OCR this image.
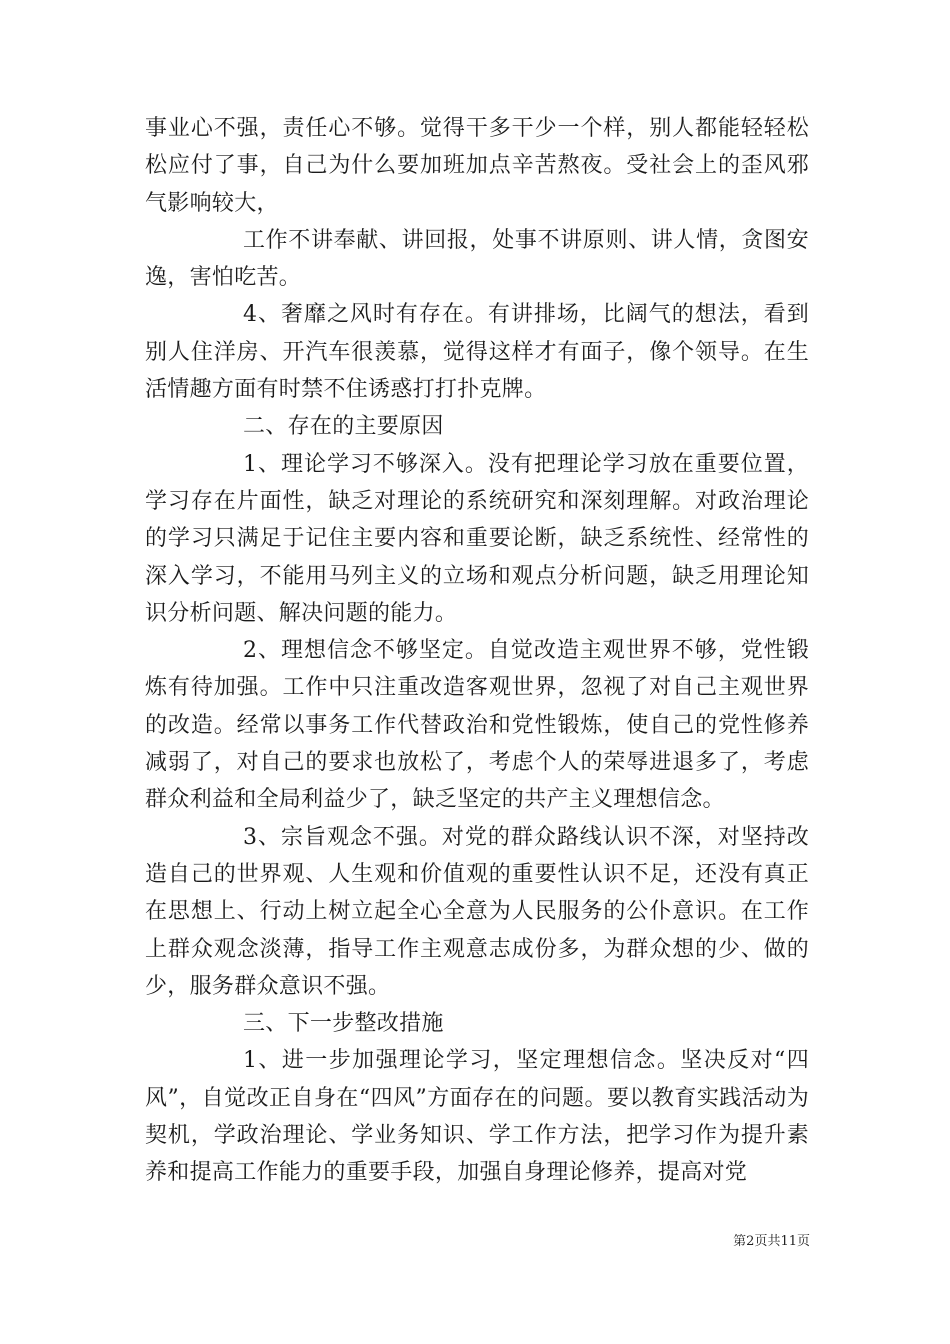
事业心不强，责任心不够。觉得干多干少一个样，别人都能轻轻松松应付了事，自己为什么要加班加点辛苦熬夜。受社会上的歪风邪气影响较大，

工作不讲奉献、讲回报，处事不讲原则、讲人情，贪图安逸，害怕吃苦。

4、奢靡之风时有存在。有讲排场，比阔气的想法，看到别人住洋房、开汽车很羡慕，觉得这样才有面子，像个领导。在生活情趣方面有时禁不住诱惑打打扑克牌。

二、存在的主要原因

1、理论学习不够深入。没有把理论学习放在重要位置，学习存在片面性，缺乏对理论的系统研究和深刻理解。对政治理论的学习只满足于记住主要内容和重要论断，缺乏系统性、经常性的深入学习，不能用马列主义的立场和观点分析问题，缺乏用理论知识分析问题、解决问题的能力。

2、理想信念不够坚定。自觉改造主观世界不够，党性锻炼有待加强。工作中只注重改造客观世界，忽视了对自己主观世界的改造。经常以事务工作代替政治和党性锻炼，使自己的党性修养减弱了，对自己的要求也放松了，考虑个人的荣辱进退多了，考虑群众利益和全局利益少了，缺乏坚定的共产主义理想信念。

3、宗旨观念不强。对党的群众路线认识不深，对坚持改造自己的世界观、人生观和价值观的重要性认识不足，还没有真正在思想上、行动上树立起全心全意为人民服务的公仆意识。在工作上群众观念淡薄，指导工作主观意志成份多，为群众想的少、做的少，服务群众意识不强。

三、下一步整改措施

1、进一步加强理论学习，坚定理想信念。坚决反对“四风”，自觉改正自身在“四风”方面存在的问题。要以教育实践活动为契机，学政治理论、学业务知识、学工作方法，把学习作为提升素养和提高工作能力的重要手段，加强自身理论修养，提高对党

第2页共11页
